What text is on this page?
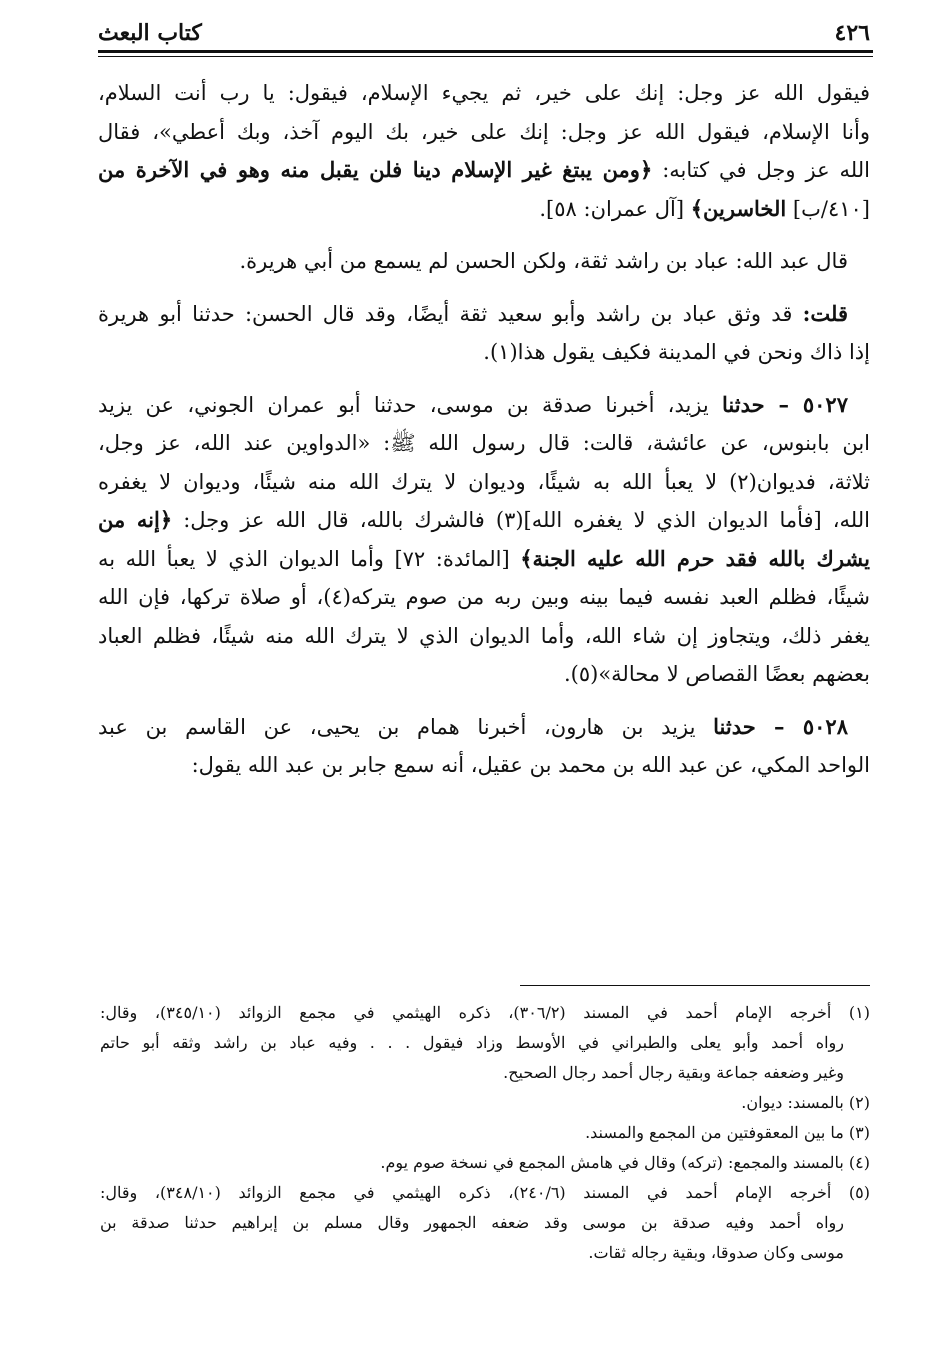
٤٢٦
كتاب البعث
فيقول الله عز وجل: إنك على خير، ثم يجيء الإسلام، فيقول: يا رب أنت السلام،
وأنا الإسلام، فيقول الله عز وجل: إنك على خير، بك اليوم آخذ، وبك أعطي»، فقال
الله عز وجل في كتابه: ﴿ومن يبتغ غير الإسلام دينا فلن يقبل منه وهو في الآخرة من
[٤١٠/ب] الخاسرين﴾ [آل عمران: ٥٨].
قال عبد الله: عباد بن راشد ثقة، ولكن الحسن لم يسمع من أبي هريرة.
قلت: قد وثق عباد بن راشد وأبو سعيد ثقة أيضًا، وقد قال الحسن: حدثنا أبو هريرة
إذا ذاك ونحن في المدينة فكيف يقول هذا(١).
٥٠٢٧ – حدثنا يزيد، أخبرنا صدقة بن موسى، حدثنا أبو عمران الجوني، عن يزيد
ابن بابنوس، عن عائشة، قالت: قال رسول الله ﷺ: «الدواوين عند الله، عز وجل،
ثلاثة، فديوان(٢) لا يعبأ الله به شيئًا، وديوان لا يترك الله منه شيئًا، وديوان لا يغفره
الله، [فأما الديوان الذي لا يغفره الله](٣) فالشرك بالله، قال الله عز وجل: ﴿إنه من
يشرك بالله فقد حرم الله عليه الجنة﴾ [المائدة: ٧٢] وأما الديوان الذي لا يعبأ الله به
شيئًا، فظلم العبد نفسه فيما بينه وبين ربه من صوم يتركه(٤)، أو صلاة تركها، فإن الله
يغفر ذلك، ويتجاوز إن شاء الله، وأما الديوان الذي لا يترك الله منه شيئًا، فظلم العباد
بعضهم بعضًا القصاص لا محالة»(٥).
٥٠٢٨ – حدثنا يزيد بن هارون، أخبرنا همام بن يحيى، عن القاسم بن عبد
الواحد المكي، عن عبد الله بن محمد بن عقيل، أنه سمع جابر بن عبد الله يقول:
(١) أخرجه الإمام أحمد في المسند (٣٠٦/٢)، ذكره الهيثمي في مجمع الزوائد (٣٤٥/١٠)، وقال:
رواه أحمد وأبو يعلى والطبراني في الأوسط وزاد فيقول . . . وفيه عباد بن راشد وثقه أبو حاتم
وغير وضعفه جماعة وبقية رجال أحمد رجال الصحيح.
(٢) بالمسند: ديوان.
(٣) ما بين المعقوفتين من المجمع والمسند.
(٤) بالمسند والمجمع: (تركه) وقال في هامش المجمع في نسخة صوم يوم.
(٥) أخرجه الإمام أحمد في المسند (٢٤٠/٦)، ذكره الهيثمي في مجمع الزوائد (٣٤٨/١٠)، وقال:
رواه أحمد وفيه صدقة بن موسى وقد ضعفه الجمهور وقال مسلم بن إبراهيم حدثنا صدقة بن
موسى وكان صدوقا، وبقية رجاله ثقات.
